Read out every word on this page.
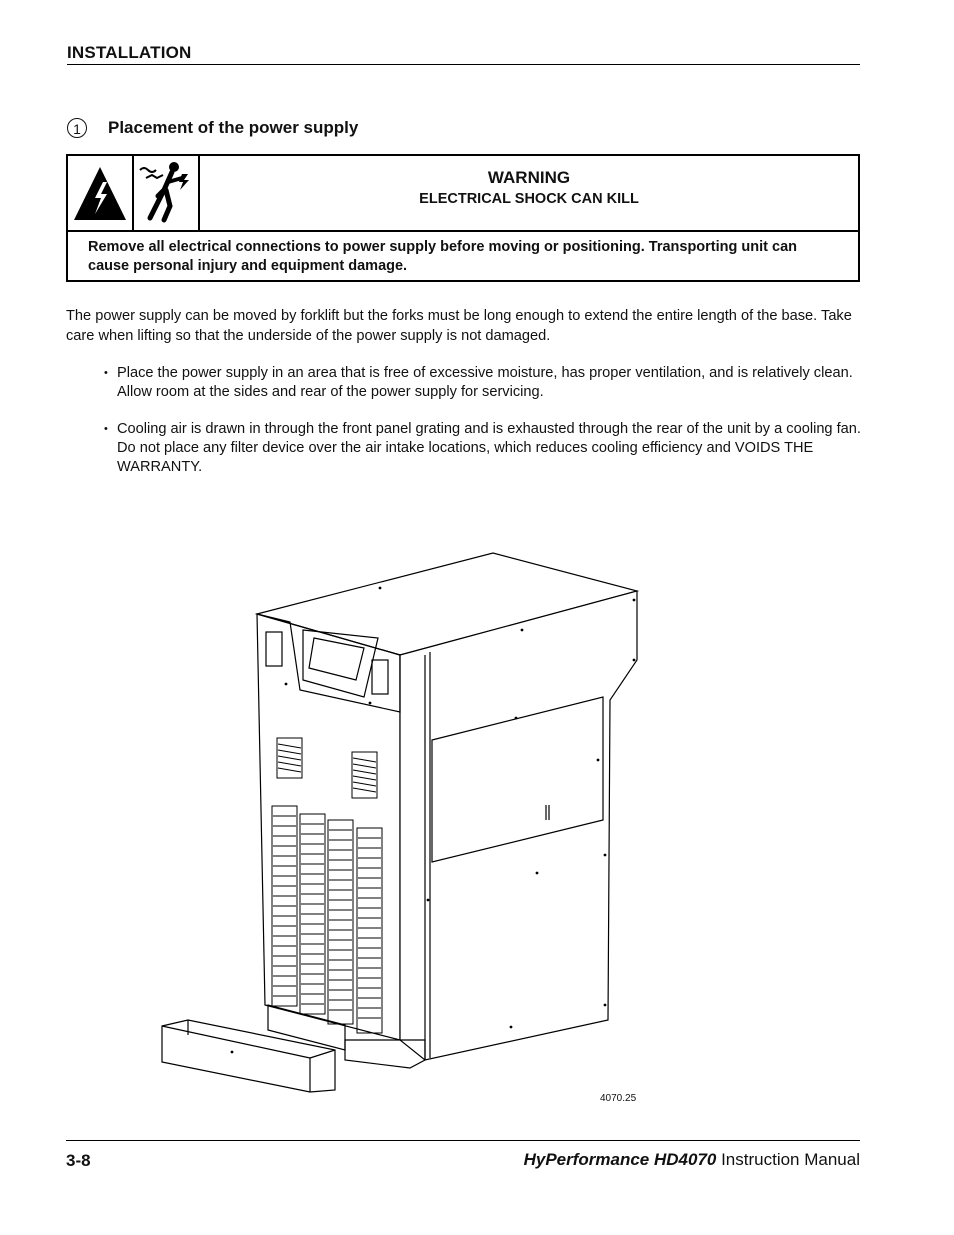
INSTALLATION
1	Placement of the power supply
WARNING
ELECTRICAL SHOCK CAN KILL
Remove all electrical connections to power supply before moving or positioning. Transporting unit can cause personal injury and equipment damage.
The power supply can be moved by forklift but the forks must be long enough to extend the entire length of the base. Take care when lifting so that the underside of the power supply is not damaged.
• Place the power supply in an area that is free of excessive moisture, has proper ventilation, and is relatively clean. Allow room at the sides and rear of the power supply for servicing.
• Cooling air is drawn in through the front panel grating and is exhausted through the rear of the unit by a cooling fan. Do not place any filter device over the air intake locations, which reduces cooling efficiency and VOIDS THE WARRANTY.
4070.25
3-8	HyPerformance HD4070 Instruction Manual
